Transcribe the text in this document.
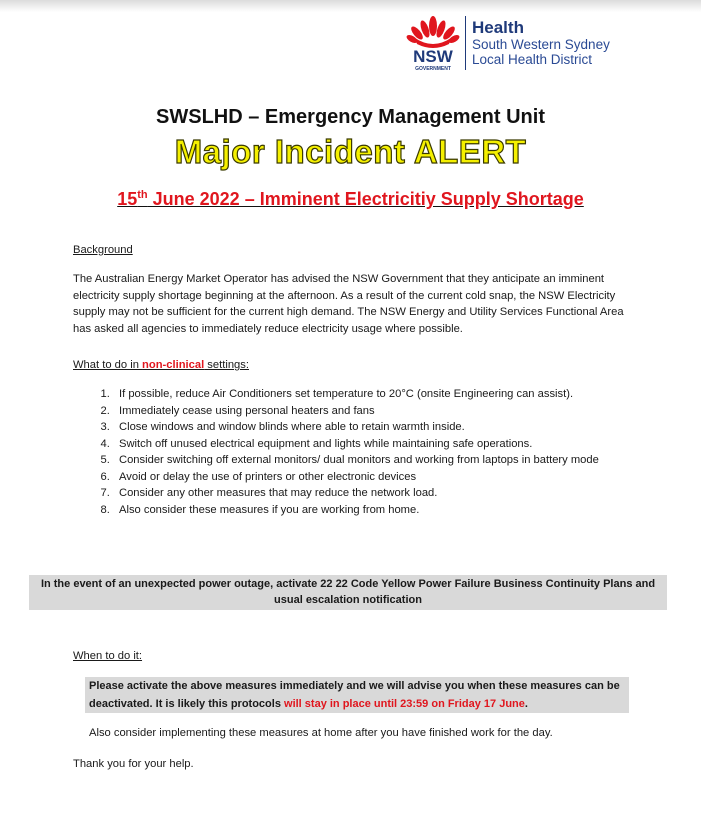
NSW
GOVERNMENT
Health
South Western Sydney
Local Health District
SWSLHD – Emergency Management Unit
Major Incident ALERT
15th June 2022 – Imminent Electricitiy Supply Shortage
Background
The Australian Energy Market Operator has advised the NSW Government that they anticipate an imminent electricity supply shortage beginning at the afternoon. As a result of the current cold snap, the NSW Electricity supply may not be sufficient for the current high demand. The NSW Energy and Utility Services Functional Area has asked all agencies to immediately reduce electricity usage where possible.
What to do in non-clinical settings:
1. If possible, reduce Air Conditioners set temperature to 20°C (onsite Engineering can assist).
2. Immediately cease using personal heaters and fans
3. Close windows and window blinds where able to retain warmth inside.
4. Switch off unused electrical equipment and lights while maintaining safe operations.
5. Consider switching off external monitors/ dual monitors and working from laptops in battery mode
6. Avoid or delay the use of printers or other electronic devices
7. Consider any other measures that may reduce the network load.
8. Also consider these measures if you are working from home.
In the event of an unexpected power outage, activate 22 22 Code Yellow Power Failure Business Continuity Plans and usual escalation notification
When to do it:
Please activate the above measures immediately and we will advise you when these measures can be deactivated. It is likely this protocols will stay in place until 23:59 on Friday 17 June.
Also consider implementing these measures at home after you have finished work for the day.
Thank you for your help.
